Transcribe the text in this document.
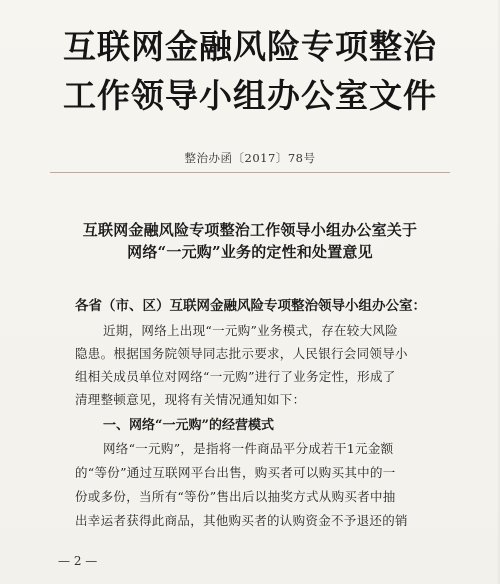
互联网金融风险专项整治
工作领导小组办公室文件
整治办函〔2017〕78号
互联网金融风险专项整治工作领导小组办公室关于
网络“一元购”业务的定性和处置意见
各省（市、区）互联网金融风险专项整治领导小组办公室：
近期，网络上出现“一元购”业务模式，存在较大风险
隐患。根据国务院领导同志批示要求，人民银行会同领导小
组相关成员单位对网络“一元购”进行了业务定性，形成了
清理整顿意见，现将有关情况通知如下：
一、网络“一元购”的经营模式
网络“一元购”，是指将一件商品平分成若干1元金额
的“等份”通过互联网平台出售，购买者可以购买其中的一
份或多份，当所有“等份”售出后以抽奖方式从购买者中抽
出幸运者获得此商品，其他购买者的认购资金不予退还的销
— 2 —
